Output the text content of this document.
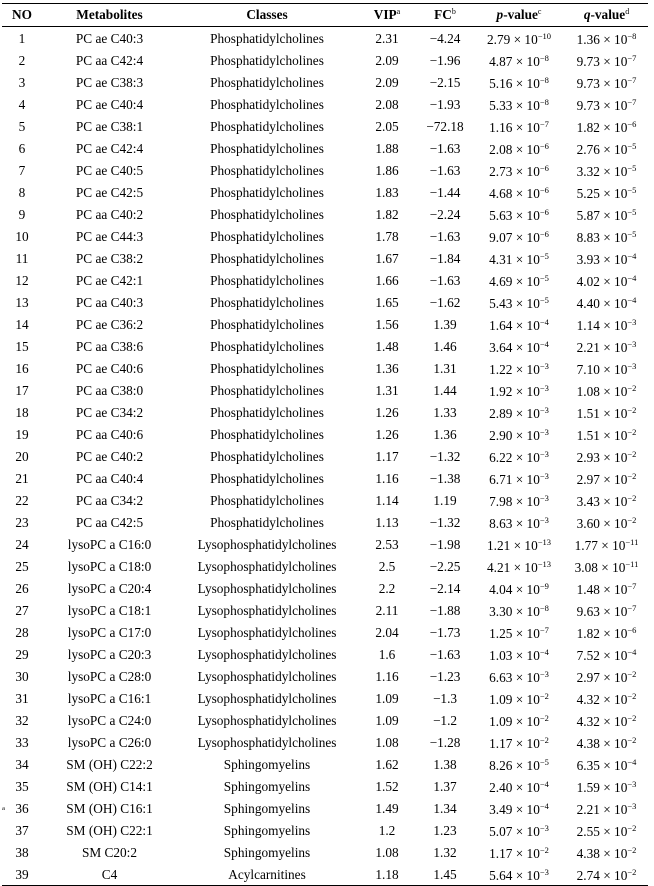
NO	Metabolites	Classes	VIP$^a$	$FC^b$	p-value$^c$	q-value$^d$
1	PC ae C40:3	Phosphatidylcholines	2.31	−4.24	$2.79 \times 10^{-10}$	$1.36 \times 10^{-8}$
2	PC aa C42:4	Phosphatidylcholines	2.09	−1.96	$4.87 \times 10^{-8}$	$9.73 \times 10^{-7}$
3	PC ae C38:3	Phosphatidylcholines	2.09	−2.15	$5.16 \times 10^{-8}$	$9.73 \times 10^{-7}$
4	PC ae C40:4	Phosphatidylcholines	2.08	−1.93	$5.33 \times 10^{-8}$	$9.73 \times 10^{-7}$
5	PC ae C38:1	Phosphatidylcholines	2.05	−72.18	$1.16 \times 10^{-7}$	$1.82 \times 10^{-6}$
6	PC ae C42:4	Phosphatidylcholines	1.88	−1.63	$2.08 \times 10^{-6}$	$2.76 \times 10^{-5}$
7	PC ae C40:5	Phosphatidylcholines	1.86	−1.63	$2.73 \times 10^{-6}$	$3.32 \times 10^{-5}$
8	PC ae C42:5	Phosphatidylcholines	1.83	−1.44	$4.68 \times 10^{-6}$	$5.25 \times 10^{-5}$
9	PC aa C40:2	Phosphatidylcholines	1.82	−2.24	$5.63 \times 10^{-6}$	$5.87 \times 10^{-5}$
10	PC ae C44:3	Phosphatidylcholines	1.78	−1.63	$9.07 \times 10^{-6}$	$8.83 \times 10^{-5}$
11	PC ae C38:2	Phosphatidylcholines	1.67	−1.84	$4.31 \times 10^{-5}$	$3.93 \times 10^{-4}$
12	PC ae C42:1	Phosphatidylcholines	1.66	−1.63	$4.69 \times 10^{-5}$	$4.02 \times 10^{-4}$
13	PC aa C40:3	Phosphatidylcholines	1.65	−1.62	$5.43 \times 10^{-5}$	$4.40 \times 10^{-4}$
14	PC ae C36:2	Phosphatidylcholines	1.56	1.39	$1.64 \times 10^{-4}$	$1.14 \times 10^{-3}$
15	PC aa C38:6	Phosphatidylcholines	1.48	1.46	$3.64 \times 10^{-4}$	$2.21 \times 10^{-3}$
16	PC ae C40:6	Phosphatidylcholines	1.36	1.31	$1.22 \times 10^{-3}$	$7.10 \times 10^{-3}$
17	PC aa C38:0	Phosphatidylcholines	1.31	1.44	$1.92 \times 10^{-3}$	$1.08 \times 10^{-2}$
18	PC ae C34:2	Phosphatidylcholines	1.26	1.33	$2.89 \times 10^{-3}$	$1.51 \times 10^{-2}$
19	PC aa C40:6	Phosphatidylcholines	1.26	1.36	$2.90 \times 10^{-3}$	$1.51 \times 10^{-2}$
20	PC ae C40:2	Phosphatidylcholines	1.17	−1.32	$6.22 \times 10^{-3}$	$2.93 \times 10^{-2}$
21	PC aa C40:4	Phosphatidylcholines	1.16	−1.38	$6.71 \times 10^{-3}$	$2.97 \times 10^{-2}$
22	PC aa C34:2	Phosphatidylcholines	1.14	1.19	$7.98 \times 10^{-3}$	$3.43 \times 10^{-2}$
23	PC aa C42:5	Phosphatidylcholines	1.13	−1.32	$8.63 \times 10^{-3}$	$3.60 \times 10^{-2}$
24	lysoPC a C16:0	Lysophosphatidylcholines	2.53	−1.98	$1.21 \times 10^{-13}$	$1.77 \times 10^{-11}$
25	lysoPC a C18:0	Lysophosphatidylcholines	2.5	−2.25	$4.21 \times 10^{-13}$	$3.08 \times 10^{-11}$
26	lysoPC a C20:4	Lysophosphatidylcholines	2.2	−2.14	$4.04 \times 10^{-9}$	$1.48 \times 10^{-7}$
27	lysoPC a C18:1	Lysophosphatidylcholines	2.11	−1.88	$3.30 \times 10^{-8}$	$9.63 \times 10^{-7}$
28	lysoPC a C17:0	Lysophosphatidylcholines	2.04	−1.73	$1.25 \times 10^{-7}$	$1.82 \times 10^{-6}$
29	lysoPC a C20:3	Lysophosphatidylcholines	1.6	−1.63	$1.03 \times 10^{-4}$	$7.52 \times 10^{-4}$
30	lysoPC a C28:0	Lysophosphatidylcholines	1.16	−1.23	$6.63 \times 10^{-3}$	$2.97 \times 10^{-2}$
31	lysoPC a C16:1	Lysophosphatidylcholines	1.09	−1.3	$1.09 \times 10^{-2}$	$4.32 \times 10^{-2}$
32	lysoPC a C24:0	Lysophosphatidylcholines	1.09	−1.2	$1.09 \times 10^{-2}$	$4.32 \times 10^{-2}$
33	lysoPC a C26:0	Lysophosphatidylcholines	1.08	−1.28	$1.17 \times 10^{-2}$	$4.38 \times 10^{-2}$
34	SM (OH) C22:2	Sphingomyelins	1.62	1.38	$8.26 \times 10^{-5}$	$6.35 \times 10^{-4}$
35	SM (OH) C14:1	Sphingomyelins	1.52	1.37	$2.40 \times 10^{-4}$	$1.59 \times 10^{-3}$
36	SM (OH) C16:1	Sphingomyelins	1.49	1.34	$3.49 \times 10^{-4}$	$2.21 \times 10^{-3}$
37	SM (OH) C22:1	Sphingomyelins	1.2	1.23	$5.07 \times 10^{-3}$	$2.55 \times 10^{-2}$
38	SM C20:2	Sphingomyelins	1.08	1.32	$1.17 \times 10^{-2}$	$4.38 \times 10^{-2}$
39	C4	Acylcarnitines	1.18	1.45	$5.64 \times 10^{-3}$	$2.74 \times 10^{-2}$
$^a$
